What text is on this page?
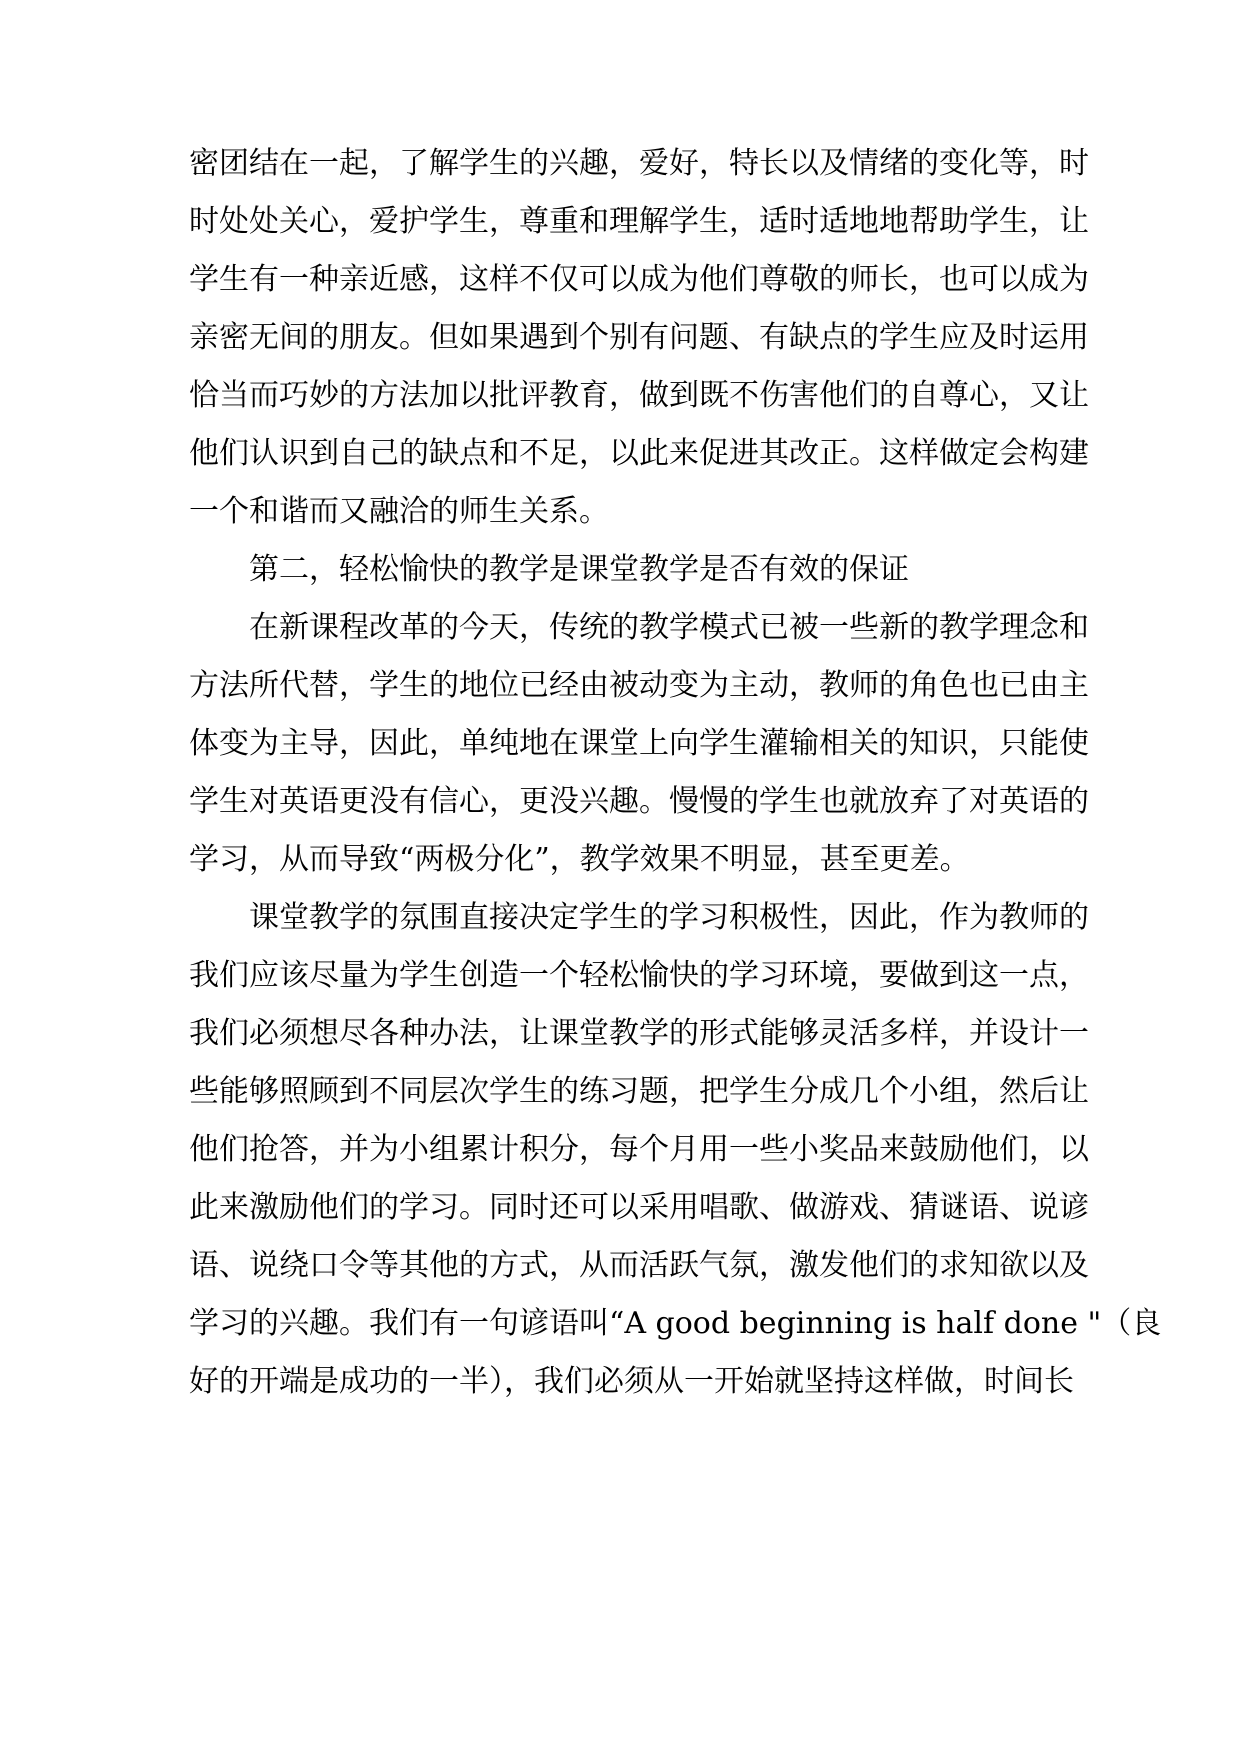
密团结在一起，了解学生的兴趣，爱好，特长以及情绪的变化等，时

时处处关心，爱护学生，尊重和理解学生，适时适地地帮助学生，让

学生有一种亲近感，这样不仅可以成为他们尊敬的师长，也可以成为

亲密无间的朋友。但如果遇到个别有问题、有缺点的学生应及时运用

恰当而巧妙的方法加以批评教育，做到既不伤害他们的自尊心，又让

他们认识到自己的缺点和不足，以此来促进其改正。这样做定会构建

一个和谐而又融洽的师生关系。

第二，轻松愉快的教学是课堂教学是否有效的保证

在新课程改革的今天，传统的教学模式已被一些新的教学理念和

方法所代替，学生的地位已经由被动变为主动，教师的角色也已由主

体变为主导，因此，单纯地在课堂上向学生灌输相关的知识，只能使

学生对英语更没有信心，更没兴趣。慢慢的学生也就放弃了对英语的

学习，从而导致“两极分化”，教学效果不明显，甚至更差。

课堂教学的氛围直接决定学生的学习积极性，因此，作为教师的

我们应该尽量为学生创造一个轻松愉快的学习环境，要做到这一点，

我们必须想尽各种办法，让课堂教学的形式能够灵活多样，并设计一

些能够照顾到不同层次学生的练习题，把学生分成几个小组，然后让

他们抢答，并为小组累计积分，每个月用一些小奖品来鼓励他们，以

此来激励他们的学习。同时还可以采用唱歌、做游戏、猜谜语、说谚

语、说绕口令等其他的方式，从而活跃气氛，激发他们的求知欲以及

学习的兴趣。我们有一句谚语叫“A good beginning is half done "（良

好的开端是成功的一半），我们必须从一开始就坚持这样做，时间长
